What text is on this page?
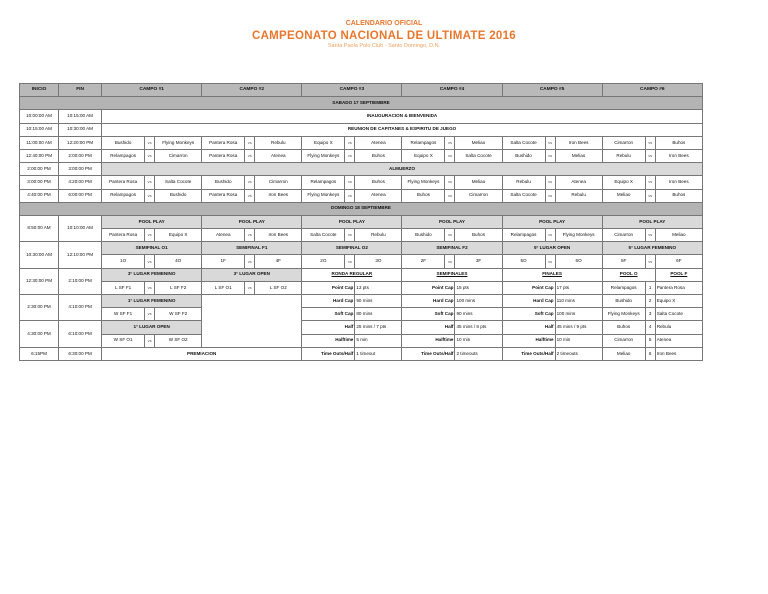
CALENDARIO OFICIAL
CAMPEONATO NACIONAL DE ULTIMATE 2016
Santa Paola Polo Club - Santo Domingo, D.N.
INICIO	FIN	CAMPO #1			CAMPO #2			CAMPO #3			CAMPO #4			CAMPO #5			CAMPO #6		
SABADO 17 SEPTIEMBRE																			
10:00:00 AM	10:15:00 AM	INAUGURACION & BIENVENIDA																	
10:15:00 AM	10:30:00 AM	REUNION DE CAPITANES & ESPIRITU DE JUEGO																	
11:00:00 AM	12:20:00 PM	Bushido	vs	Flying Monkeys	Pantera Rosa	vs	Rebulu	Equipo X	vs	Atenea	Relampagos	vs	Meliao	Salta Cocote	vs	Iron Bees	Cimarron	vs	Buhos
12:40:00 PM	2:00:00 PM	Relampagos	vs	Cimarron	Pantera Rosa	vs	Atenea	Flying Monkeys	vs	Buhos	Equipo X	vs	Salta Cocote	Bushido	vs	Meliao	Rebulu	vs	Iron Bees
2:00:00 PM	3:00:00 PM	ALMUERZO																	
3:00:00 PM	4:20:00 PM	Pantera Rosa	vs	Salta Cocote	Bushido	vs	Cimarron	Relampagos	vs	Buhos	Flying Monkeys	vs	Meliao	Rebulu	vs	Atenea	Equipo X	vs	Iron Bees
4:40:00 PM	6:00:00 PM	Relampagos	vs	Bushido	Pantera Rosa	vs	Iron Bees	Flying Monkeys	vs	Atenea	Buhos	vs	Cimarron	Salta Cocote	vs	Rebulu	Meliao	vs	Buhos
DOMINGO 18 SEPTIEMBRE																			
8:50:00 AM	10:10:00 AM	POOL PLAY			POOL PLAY			POOL PLAY			POOL PLAY			POOL PLAY			POOL PLAY		
		Pantera Rosa	vs	Equipo X	Atenea	vs	Iron Bees	Salta Cocote	vs	Rebulu	Bushido	vs	Buhos	Relampagos	vs	Flying Monkeys	Cimarron	vs	Meliao
10:30:00 AM	12:10:00 PM	SEMIFINAL O1			SEMIFINAL F1			SEMIFINAL O2			SEMIFINAL F2			5° LUGAR OPEN			5° LUGAR FEMENINO		
		1O	vs	4O	1F	vs	4F	2O	vs	3O	2F	vs	3F	5O	vs	6O	5F	vs	6F
12:30:00 PM	2:10:00 PM	3° LUGAR FEMENINO			3° LUGAR OPEN			RONDA REGULAR			SEMIFINALES			FINALES			POOL O		POOL F
		L SF F1	vs	L SF F2	L SF O1	vs	L SF O2	Point Cap		13 pts	Point Cap		15 pts	Point Cap		17 pts	Relampagos	1	Pantera Rosa
2:30:00 PM	4:10:00 PM	1° LUGAR FEMENINO						Hard Cap		90 mins	Hard Cap		100 mins	Hard Cap		110 mins	Bushido	2	Equipo X
		W SF F1	vs	W SF F2				Soft Cap		80 mins	Soft Cap		90 mins	Soft Cap		100 mins	Flying Monkeys	3	Salta Cocote
4:30:00 PM	6:10:00 PM	1° LUGAR OPEN						Half		25 mins / 7 pts	Half		45 mins / 8 pts	Half		45 mins / 9 pts	Buhos	4	Rebulu
		W SF O1	vs	W SF O2				Halftime		5 min	Halftime		10 min	Halftime		10 min	Cimarron	5	Atenea
6:15PM	6:30:00 PM	PREMIACION						Time Outs/Half		1 timeout	Time Outs/Half		2 timeouts	Time Outs/Half		2 timeouts	Meliao	6	Iron Bees
